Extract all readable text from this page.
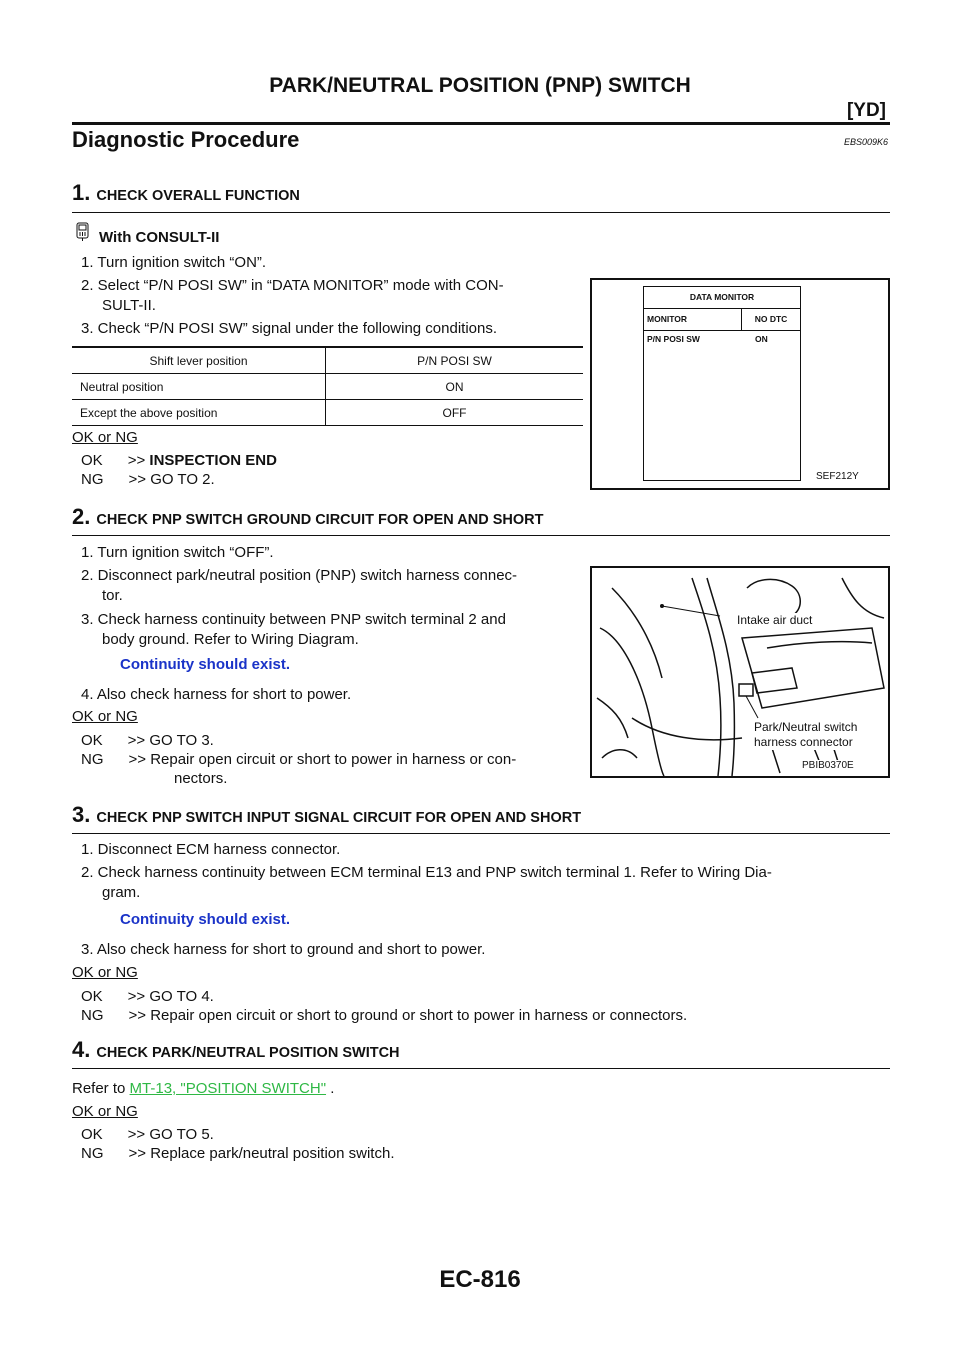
PARK/NEUTRAL POSITION (PNP) SWITCH
[YD]
Diagnostic Procedure	EBS009K6
1. CHECK OVERALL FUNCTION
With CONSULT-II
1. Turn ignition switch “ON”.
2. Select “P/N POSI SW” in “DATA MONITOR” mode with CON-
SULT-II.
3. Check “P/N POSI SW” signal under the following conditions.
Shift lever position	P/N POSI SW
Neutral position	ON
Except the above position	OFF
OK or NG
OK >> INSPECTION END
NG >> GO TO 2.
DATA MONITOR
MONITOR	NO DTC
P/N POSI SW	ON
SEF212Y
2. CHECK PNP SWITCH GROUND CIRCUIT FOR OPEN AND SHORT
1. Turn ignition switch “OFF”.
2. Disconnect park/neutral position (PNP) switch harness connec-
tor.
3. Check harness continuity between PNP switch terminal 2 and
body ground. Refer to Wiring Diagram.
Continuity should exist.
4. Also check harness for short to power.
OK or NG
OK      >> GO TO 3.
NG      >> Repair open circuit or short to power in harness or con-
nectors.
Intake air duct
Park/Neutral switch
harness connector
PBIB0370E
3. CHECK PNP SWITCH INPUT SIGNAL CIRCUIT FOR OPEN AND SHORT
1. Disconnect ECM harness connector.
2. Check harness continuity between ECM terminal E13 and PNP switch terminal 1. Refer to Wiring Dia-
gram.
Continuity should exist.
3. Also check harness for short to ground and short to power.
OK or NG
OK      >> GO TO 4.
NG      >> Repair open circuit or short to ground or short to power in harness or connectors.
4. CHECK PARK/NEUTRAL POSITION SWITCH
Refer to MT-13, "POSITION SWITCH" .
OK or NG
OK      >> GO TO 5.
NG      >> Replace park/neutral position switch.
EC-816
